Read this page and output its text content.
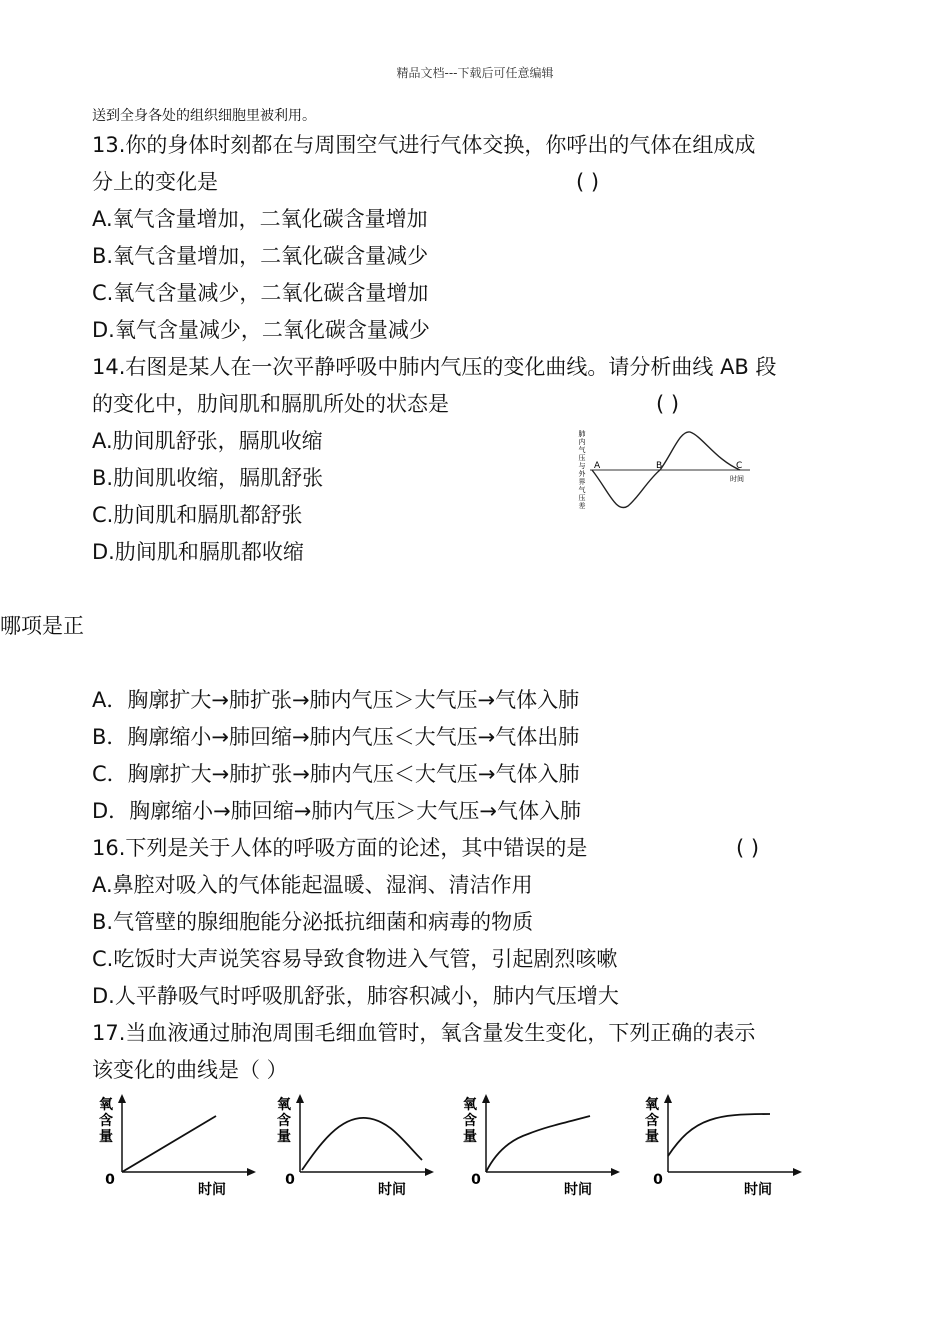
精品文档---下载后可任意编辑
送到全身各处的组织细胞里被利用。
13.你的身体时刻都在与周围空气进行气体交换，你呼出的气体在组成成
分上的变化是	( )
A.氧气含量增加，二氧化碳含量增加
B.氧气含量增加，二氧化碳含量减少
C.氧气含量减少，二氧化碳含量增加
D.氧气含量减少，二氧化碳含量减少
14.右图是某人在一次平静呼吸中肺内气压的变化曲线。请分析曲线 AB 段
的变化中，肋间肌和膈肌所处的状态是	( )
A.肋间肌舒张，膈肌收缩
B.肋间肌收缩，膈肌舒张
C.肋间肌和膈肌都舒张
D.肋间肌和膈肌都收缩
肺
内
气
压
与
外
界
气
压
差
A	B	C
时间
哪项是正
A．胸廓扩大→肺扩张→肺内气压＞大气压→气体入肺
B．胸廓缩小→肺回缩→肺内气压＜大气压→气体出肺
C．胸廓扩大→肺扩张→肺内气压＜大气压→气体入肺
D．胸廓缩小→肺回缩→肺内气压＞大气压→气体入肺
16.下列是关于人体的呼吸方面的论述，其中错误的是	( )
A.鼻腔对吸入的气体能起温暖、湿润、清洁作用
B.气管壁的腺细胞能分泌抵抗细菌和病毒的物质
C.吃饭时大声说笑容易导致食物进入气管，引起剧烈咳嗽
D.人平静吸气时呼吸肌舒张，肺容积减小，肺内气压增大
17.当血液通过肺泡周围毛细血管时，氧含量发生变化，下列正确的表示
该变化的曲线是（ ）
氧
含
量
0
时间
氧
含
量
0
时间
氧
含
量
0
时间
氧
含
量
0
时间
